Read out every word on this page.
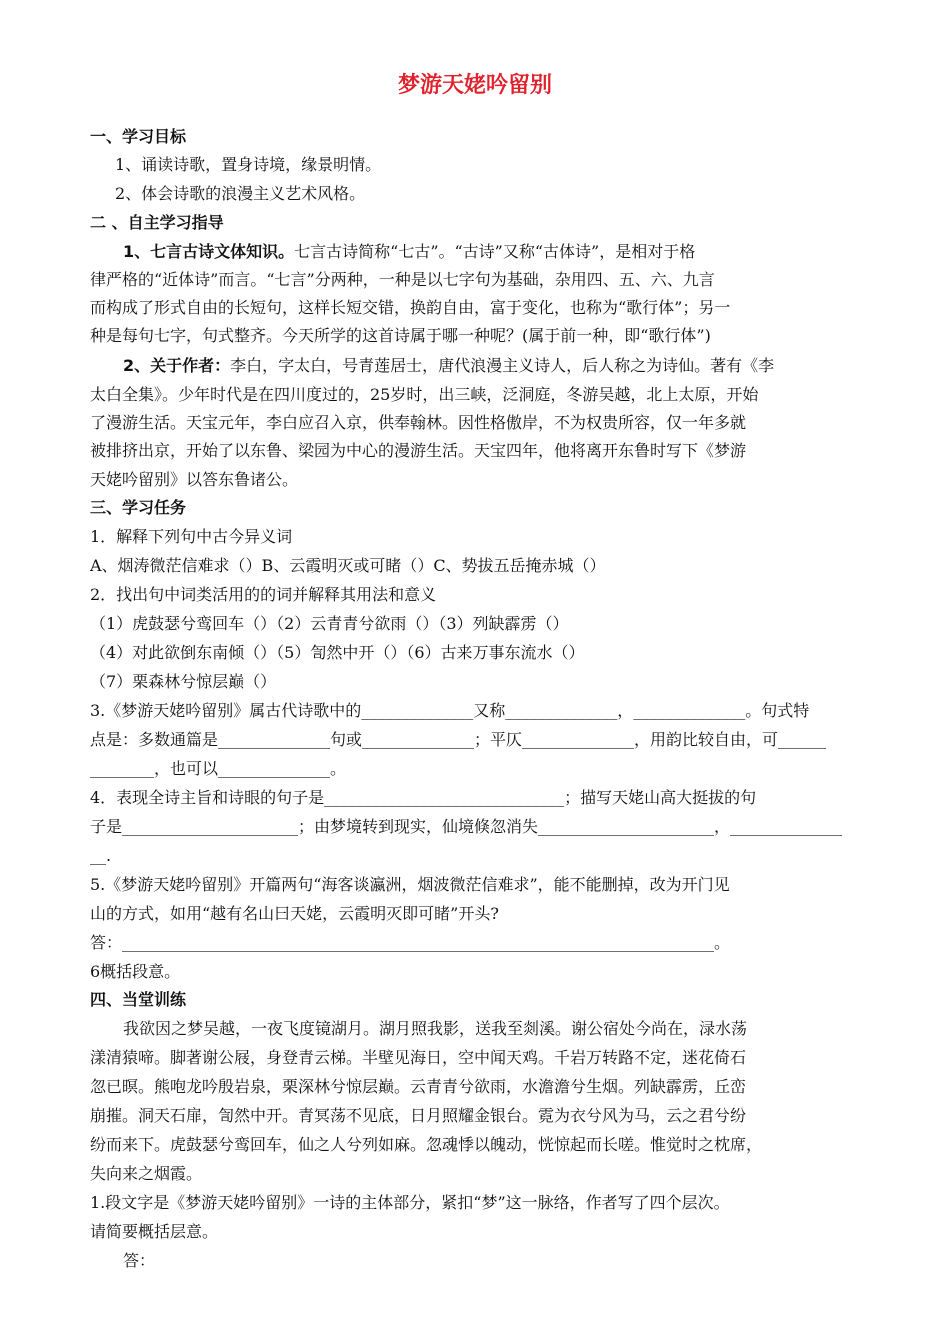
梦游天姥吟留别
一、学习目标
1、诵读诗歌，置身诗境，缘景明情。
2、体会诗歌的浪漫主义艺术风格。
二 、自主学习指导
1、七言古诗文体知识。七言古诗简称“七古”。“古诗”又称“古体诗”，是相对于格
律严格的“近体诗”而言。“七言”分两种，一种是以七字句为基础，杂用四、五、六、九言
而构成了形式自由的长短句，这样长短交错，换韵自由，富于变化，也称为“歌行体”；另一
种是每句七字，句式整齐。今天所学的这首诗属于哪一种呢？(属于前一种，即“歌行体”)
2、关于作者：李白，字太白，号青莲居士，唐代浪漫主义诗人，后人称之为诗仙。著有《李
太白全集》。少年时代是在四川度过的，25岁时，出三峡，泛洞庭，冬游吴越，北上太原，开始
了漫游生活。天宝元年，李白应召入京，供奉翰林。因性格傲岸，不为权贵所容，仅一年多就
被排挤出京，开始了以东鲁、梁园为中心的漫游生活。天宝四年，他将离开东鲁时写下《梦游
天姥吟留别》以答东鲁诸公。
三、学习任务
1．解释下列句中古今异义词
A、烟涛微茫信难求（）B、云霞明灭或可睹（）C、势拔五岳掩赤城（）
2．找出句中词类活用的的词并解释其用法和意义
（1）虎鼓瑟兮鸾回车（）（2）云青青兮欲雨（）（3）列缺霹雳（）
（4）对此欲倒东南倾（）（5）訇然中开（）（6）古来万事东流水（）
（7）栗森林兮惊层巅（）
3.《梦游天姥吟留别》属古代诗歌中的______________又称______________，______________。句式特
点是：多数通篇是______________句或______________；平仄______________，用韵比较自由，可______
________，也可以______________。
4．表现全诗主旨和诗眼的句子是______________________________；描写天姥山高大挺拔的句
子是______________________；由梦境转到现实，仙境倏忽消失______________________，______________
__.
5.《梦游天姥吟留别》开篇两句“海客谈瀛洲，烟波微茫信难求”，能不能删掉，改为开门见
山的方式，如用“越有名山曰天姥，云霞明灭即可睹”开头?
答：__________________________________________________________________________。
6概括段意。
四、当堂训练
我欲因之梦吴越，一夜飞度镜湖月。湖月照我影，送我至剡溪。谢公宿处今尚在，渌水荡
漾清猿啼。脚著谢公屐，身登青云梯。半壁见海日，空中闻天鸡。千岩万转路不定，迷花倚石
忽已暝。熊咆龙吟殷岩泉，栗深林兮惊层巅。云青青兮欲雨，水澹澹兮生烟。列缺霹雳，丘峦
崩摧。洞天石扉，訇然中开。青冥荡不见底，日月照耀金银台。霓为衣兮风为马，云之君兮纷
纷而来下。虎鼓瑟兮鸾回车，仙之人兮列如麻。忽魂悸以魄动，恍惊起而长嗟。惟觉时之枕席，
失向来之烟霞。
1.段文字是《梦游天姥吟留别》一诗的主体部分，紧扣“梦”这一脉络，作者写了四个层次。
请简要概括层意。
答：
